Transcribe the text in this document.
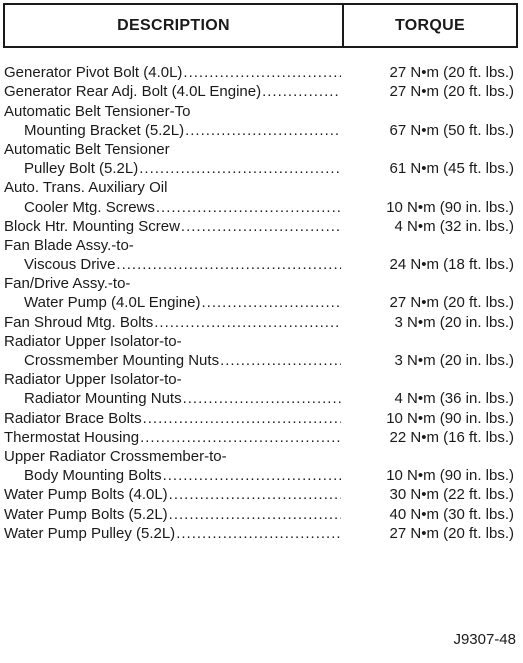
DESCRIPTION	TORQUE
Generator Pivot Bolt (4.0L) .....	27 N•m (20 ft. lbs.)
Generator Rear Adj. Bolt (4.0L Engine) .....	27 N•m (20 ft. lbs.)
Automatic Belt Tensioner-To
Mounting Bracket (5.2L) .....	67 N•m (50 ft. lbs.)
Automatic Belt Tensioner
Pulley Bolt (5.2L) .....	61 N•m (45 ft. lbs.)
Auto. Trans. Auxiliary Oil
Cooler Mtg. Screws .....	10 N•m (90 in. lbs.)
Block Htr. Mounting Screw .....	4 N•m (32 in. lbs.)
Fan Blade Assy.-to-
Viscous Drive .....	24 N•m (18 ft. lbs.)
Fan/Drive Assy.-to-
Water Pump (4.0L Engine) .....	27 N•m (20 ft. lbs.)
Fan Shroud Mtg. Bolts .....	3 N•m (20 in. lbs.)
Radiator Upper Isolator-to-
Crossmember Mounting Nuts .....	3 N•m (20 in. lbs.)
Radiator Upper Isolator-to-
Radiator Mounting Nuts .....	4 N•m (36 in. lbs.)
Radiator Brace Bolts .....	10 N•m (90 in. lbs.)
Thermostat Housing .....	22 N•m (16 ft. lbs.)
Upper Radiator Crossmember-to-
Body Mounting Bolts .....	10 N•m (90 in. lbs.)
Water Pump Bolts (4.0L) .....	30 N•m (22 ft. lbs.)
Water Pump Bolts (5.2L) .....	40 N•m (30 ft. lbs.)
Water Pump Pulley (5.2L) .....	27 N•m (20 ft. lbs.)
J9307-48
